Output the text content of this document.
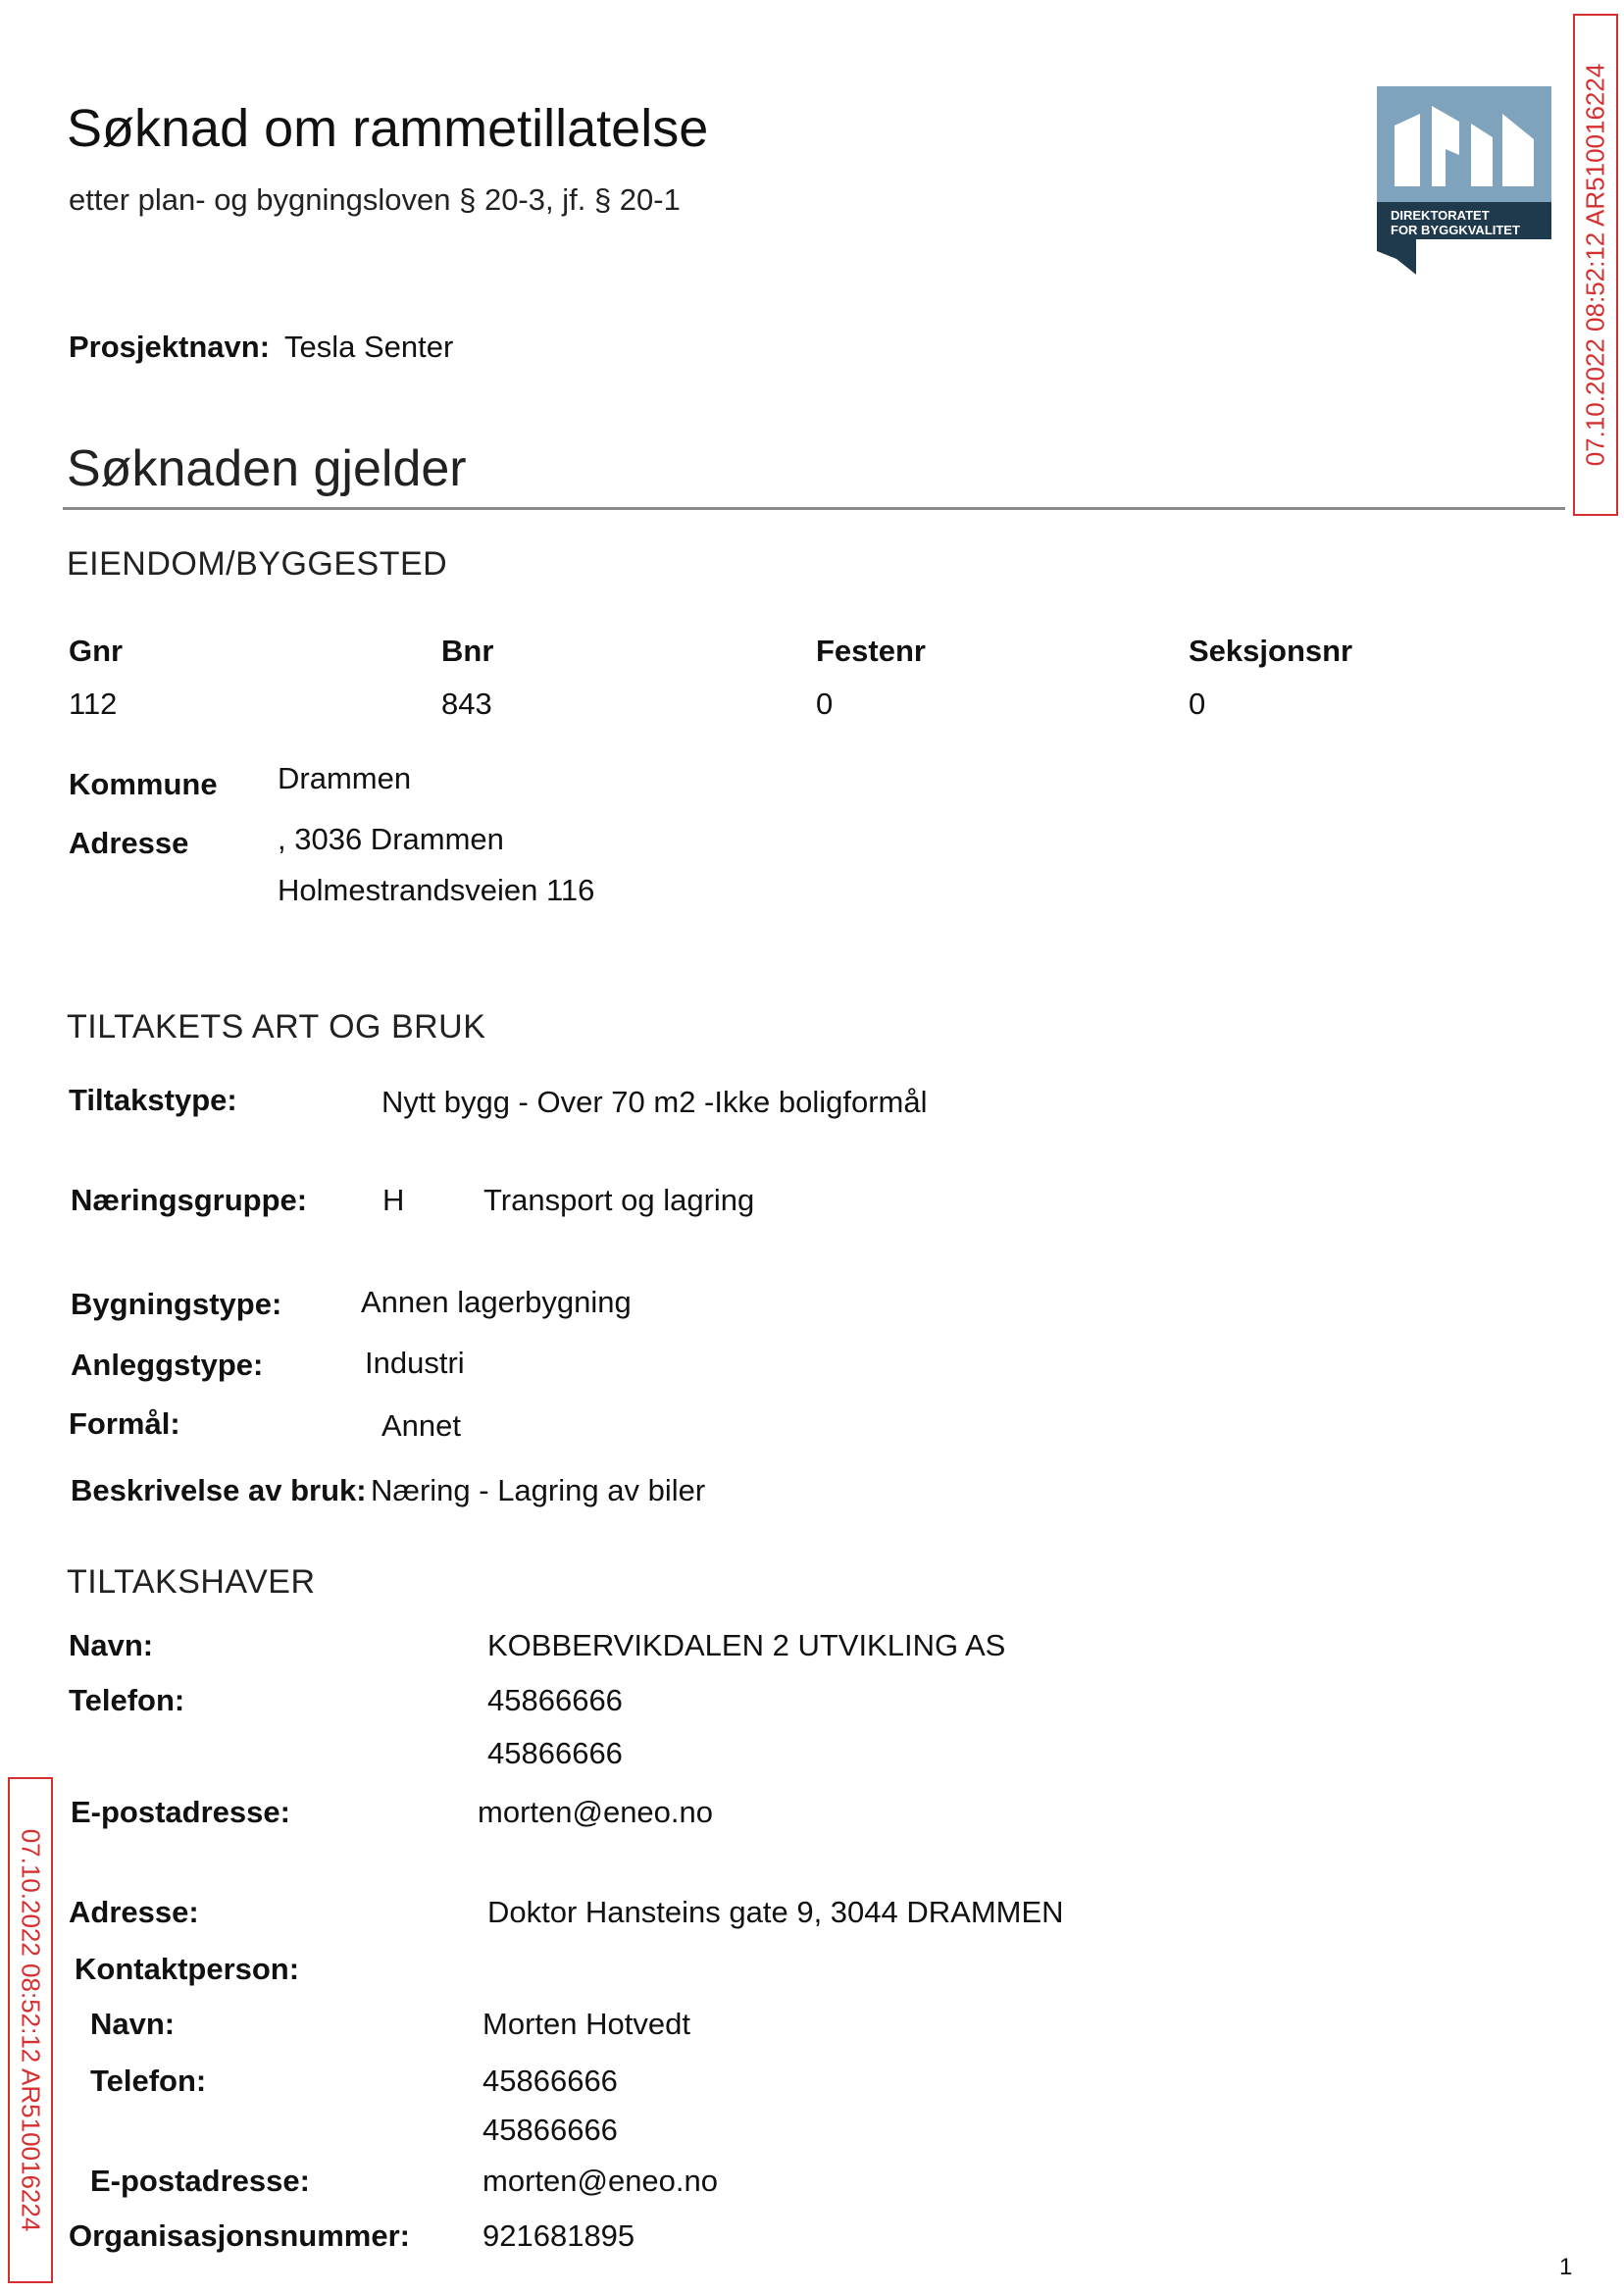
Søknad om rammetillatelse
etter plan- og bygningsloven § 20-3, jf. § 20-1	DIREKTORATET
FOR BYGGKVALITET
Prosjektnavn: Tesla Senter
Søknaden gjelder
EIENDOM/BYGGESTED
Gnr	Bnr	Festenr	Seksjonsnr
112	843	0	0
Kommune Drammen
Adresse	, 3036 Drammen
Holmestrandsveien 116
TILTAKETS ART OG BRUK
Tiltakstype:	Nytt bygg - Over 70 m2 -Ikke boligformål
Næringsgruppe: H	Transport og lagring
Bygningstype:	Annen lagerbygning
Anleggstype:	Industri
Formål:	Annet
Beskrivelse av bruk: Næring - Lagring av biler
TILTAKSHAVER
Navn:	KOBBERVIKDALEN 2 UTVIKLING AS
Telefon:	45866666
45866666
E-postadresse:	morten@eneo.no
Adresse:	Doktor Hansteins gate 9, 3044 DRAMMEN
Kontaktperson:
Navn:	Morten Hotvedt
Telefon:	45866666
45866666
E-postadresse:	morten@eneo.no
Organisasjonsnummer: 921681895
07.10.2022 08:52:12 AR510016224
07.10.2022 08:52:12 AR510016224
1
